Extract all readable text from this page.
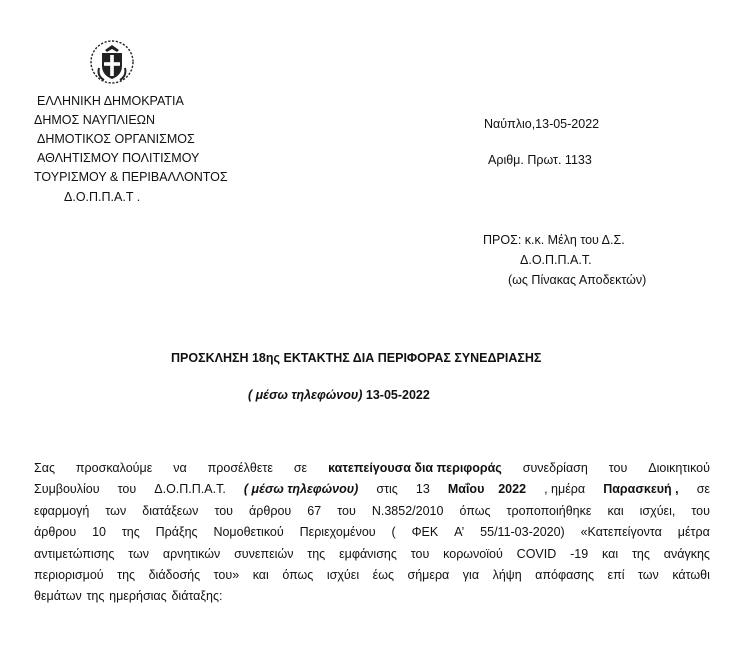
ΕΛΛΗΝΙΚΗ ΔΗΜΟΚΡΑΤΙΑ
ΔΗΜΟΣ ΝΑΥΠΛΙΕΩΝ
ΔΗΜΟΤΙΚΟΣ ΟΡΓΑΝΙΣΜΟΣ
ΑΘΛΗΤΙΣΜΟΥ ΠΟΛΙΤΙΣΜΟΥ
ΤΟΥΡΙΣΜΟΥ & ΠΕΡΙΒΑΛΛΟΝΤΟΣ
Δ.Ο.Π.Π.Α.Τ .
Ναύπλιο,13-05-2022
Αριθμ. Πρωτ. 1133
ΠΡΟΣ: κ.κ. Μέλη του Δ.Σ.
Δ.Ο.Π.Π.Α.Τ.
(ως Πίνακας Αποδεκτών)
ΠΡΟΣΚΛΗΣΗ 18ης ΕΚΤΑΚΤΗΣ ΔΙΑ ΠΕΡΙΦΟΡΑΣ ΣΥΝΕΔΡΙΑΣΗΣ
( μέσω τηλεφώνου) 13-05-2022
Σας προσκαλούμε να προσέλθετε σε κατεπείγουσα δια περιφοράς συνεδρίαση του Διοικητικού
Συμβουλίου του Δ.Ο.Π.Π.Α.Τ. ( μέσω τηλεφώνου) στις 13 Μαΐου    2022 , ημέρα Παρασκευή , σε
εφαρμογή των διατάξεων του άρθρου 67 του Ν.3852/2010 όπως τροποποιήθηκε και ισχύει, του
άρθρου 10 της Πράξης Νομοθετικού Περιεχομένου ( ΦΕΚ Α’ 55/11-03-2020) «Κατεπείγοντα μέτρα
αντιμετώπισης των αρνητικών συνεπειών της εμφάνισης του κορωνοϊού COVID -19 και της ανάγκης
περιορισμού της διάδοσής του» και όπως ισχύει έως σήμερα για λήψη απόφασης επί των κάτωθι
θεμάτων της ημερήσιας διάταξης:
